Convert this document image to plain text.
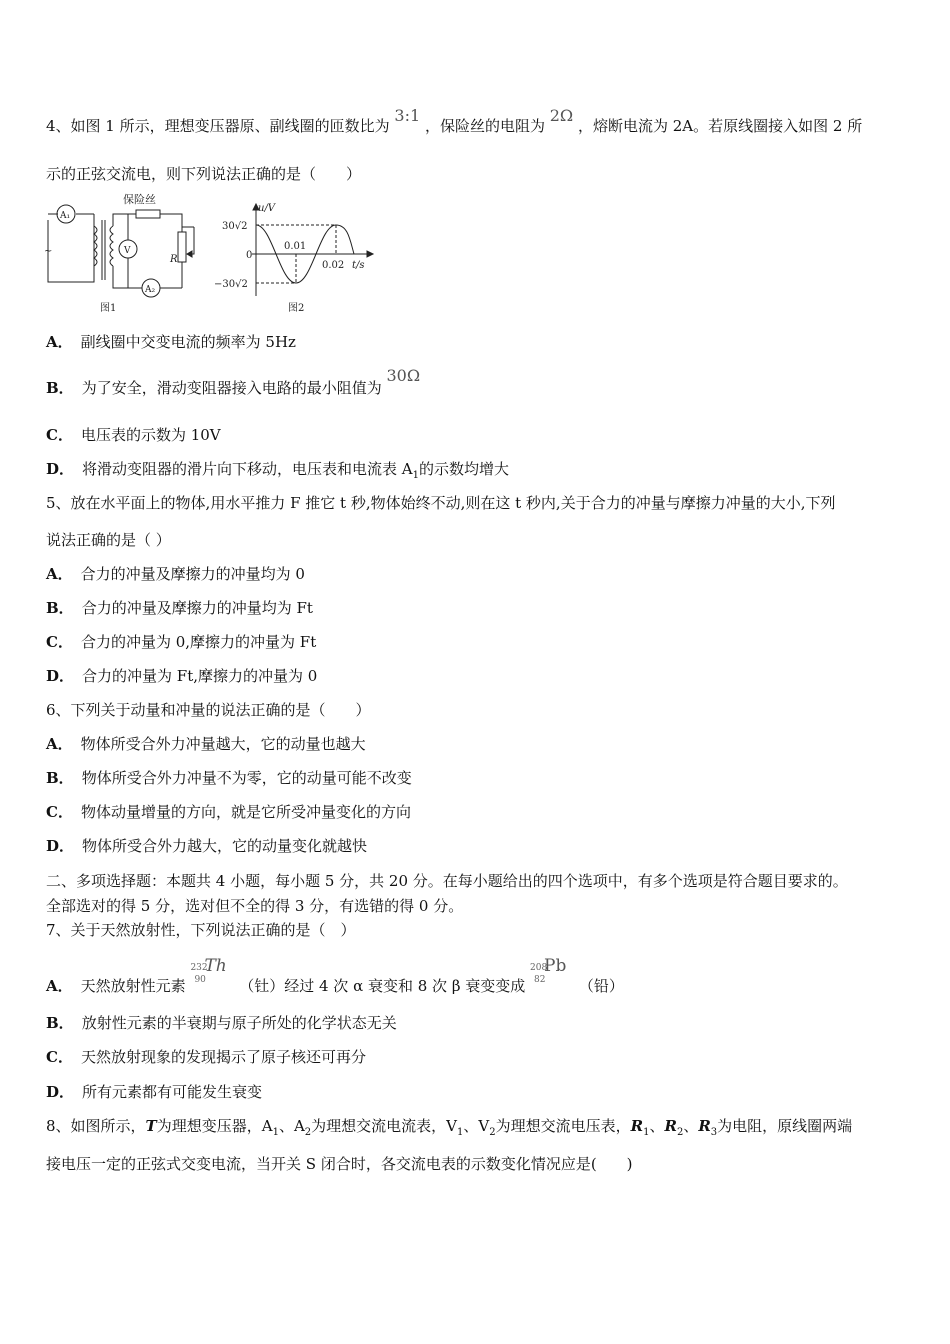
4、如图 1 所示，理想变压器原、副线圈的匝数比为 3:1 ，保险丝的电阻为 2Ω ，熔断电流为 2A。若原线圈接入如图 2 所
示的正弦交流电，则下列说法正确的是（　　）
保险丝
A₁
V
A₂
R
~
图1
u/V
t/s
30√2
0
−30√2
0.01
0.02
图2
A． 副线圈中交变电流的频率为 5Hz
B． 为了安全，滑动变阻器接入电路的最小阻值为 30Ω
C． 电压表的示数为 10V
D． 将滑动变阻器的滑片向下移动，电压表和电流表 $A_1$的示数均增大
5、放在水平面上的物体,用水平推力 F 推它 t 秒,物体始终不动,则在这 t 秒内,关于合力的冲量与摩擦力冲量的大小,下列
说法正确的是（ ）
A． 合力的冲量及摩擦力的冲量均为 0
B． 合力的冲量及摩擦力的冲量均为 Ft
C． 合力的冲量为 0,摩擦力的冲量为 Ft
D． 合力的冲量为 Ft,摩擦力的冲量为 0
6、下列关于动量和冲量的说法正确的是（　　）
A． 物体所受合外力冲量越大，它的动量也越大
B． 物体所受合外力冲量不为零，它的动量可能不改变
C． 物体动量增量的方向，就是它所受冲量变化的方向
D． 物体所受合外力越大，它的动量变化就越快
二、多项选择题：本题共 4 小题，每小题 5 分，共 20 分。在每小题给出的四个选项中，有多个选项是符合题目要求的。
全部选对的得 5 分，选对但不全的得 3 分，有选错的得 0 分。
7、关于天然放射性，下列说法正确的是（　）
A． 天然放射性元素
232
90
Th
（钍）经过 4 次 α 衰变和 8 次 β 衰变变成
208
82
Pb
（铅）
B． 放射性元素的半衰期与原子所处的化学状态无关
C． 天然放射现象的发现揭示了原子核还可再分
D． 所有元素都有可能发生衰变
8、如图所示，T为理想变压器，$A_1$、$A_2$为理想交流电流表，$V_1$、$V_2$为理想交流电压表，$R_1$、$R_2$、$R_3$为电阻，原线圈两端
接电压一定的正弦式交变电流，当开关 S 闭合时，各交流电表的示数变化情况应是(　　)
